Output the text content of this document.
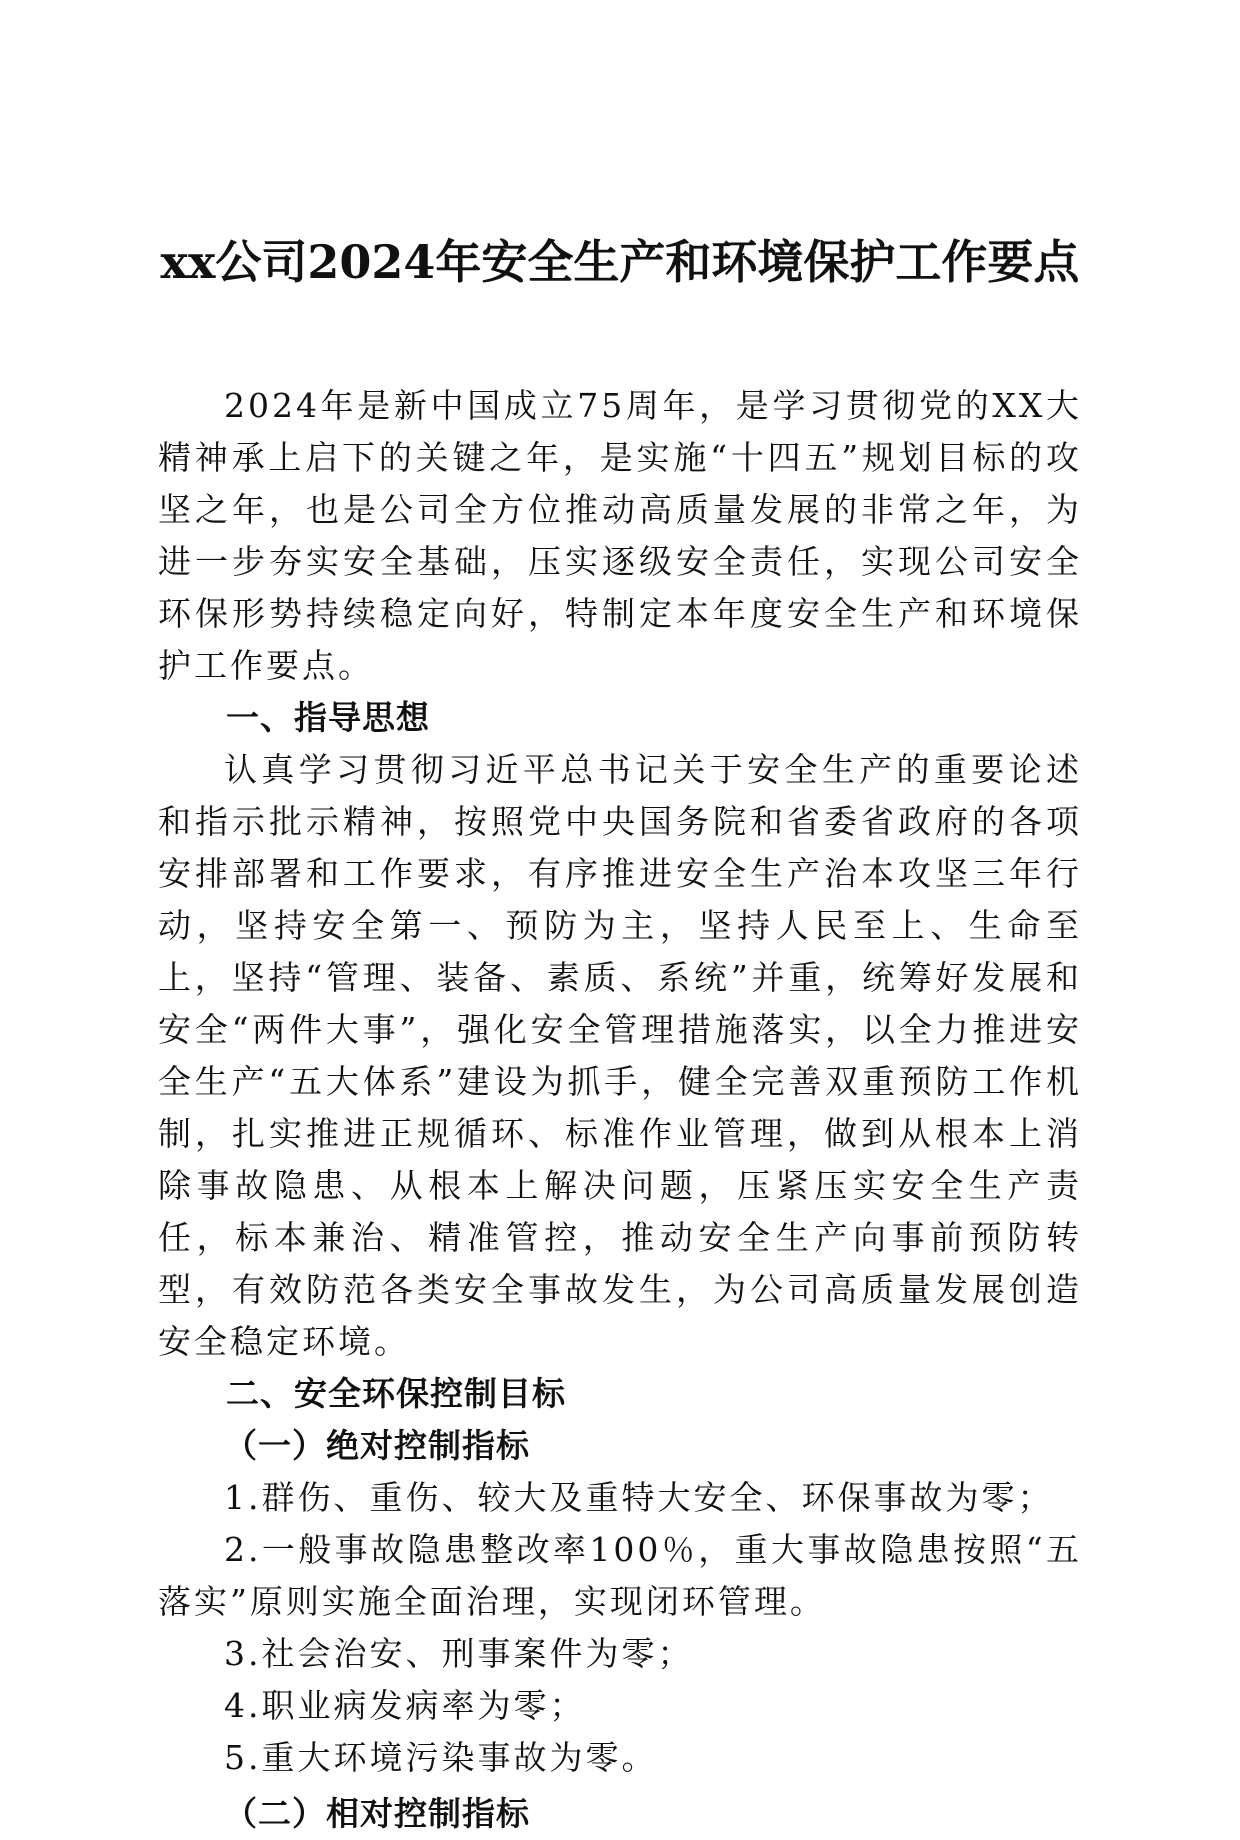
xx公司2024年安全生产和环境保护工作要点

2024年是新中国成立75周年，是学习贯彻党的XX大精神承上启下的关键之年，是实施“十四五”规划目标的攻坚之年，也是公司全方位推动高质量发展的非常之年，为进一步夯实安全基础，压实逐级安全责任，实现公司安全环保形势持续稳定向好，特制定本年度安全生产和环境保护工作要点。

一、指导思想

认真学习贯彻习近平总书记关于安全生产的重要论述和指示批示精神，按照党中央国务院和省委省政府的各项安排部署和工作要求，有序推进安全生产治本攻坚三年行动，坚持安全第一、预防为主，坚持人民至上、生命至上，坚持“管理、装备、素质、系统”并重，统筹好发展和安全“两件大事”，强化安全管理措施落实，以全力推进安全生产“五大体系”建设为抓手，健全完善双重预防工作机制，扎实推进正规循环、标准作业管理，做到从根本上消除事故隐患、从根本上解决问题，压紧压实安全生产责任，标本兼治、精准管控，推动安全生产向事前预防转型，有效防范各类安全事故发生，为公司高质量发展创造安全稳定环境。

二、安全环保控制目标

（一）绝对控制指标

1.群伤、重伤、较大及重特大安全、环保事故为零；

2.一般事故隐患整改率100％，重大事故隐患按照“五落实”原则实施全面治理，实现闭环管理。

3.社会治安、刑事案件为零；

4.职业病发病率为零；

5.重大环境污染事故为零。

（二）相对控制指标
